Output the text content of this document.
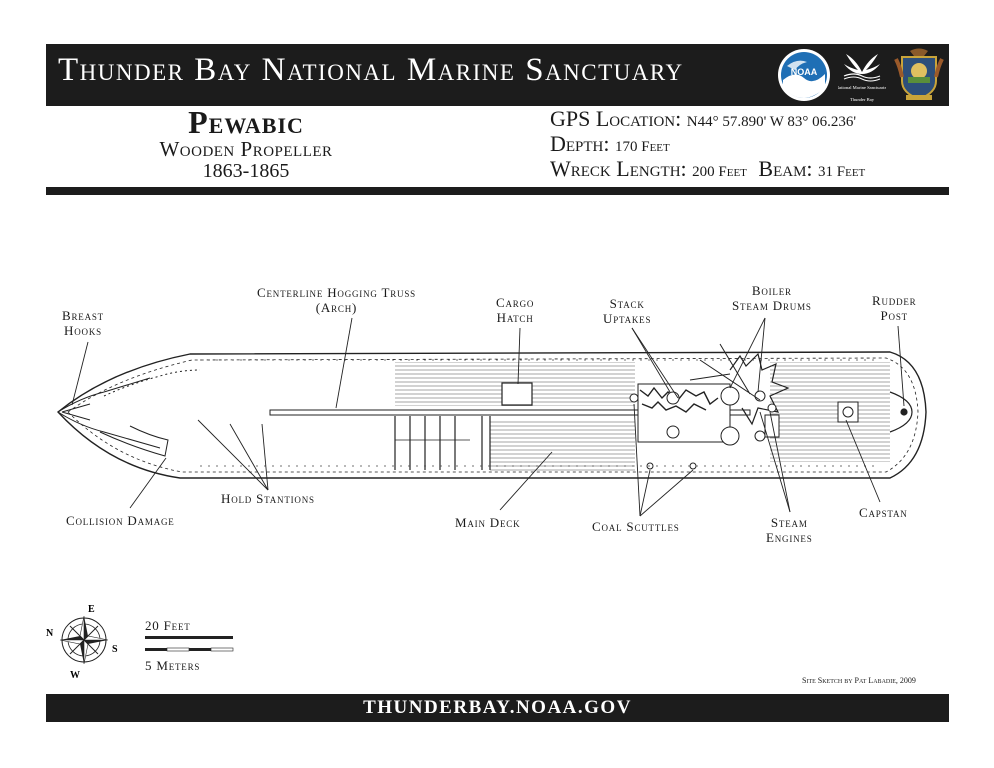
Thunder Bay National Marine Sanctuary	NOAA
National Marine Sanctuaries
Thunder Bay
Pewabic
Wooden Propeller
1863-1865
GPS Location: N44° 57.890' W 83° 06.236'
Depth: 170 Feet
Wreck Length: 200 Feet Beam: 31 Feet
N
E
S
W
Breast
Hooks
Centerline Hogging Truss
(Arch)	Cargo
Hatch
Stack
Uptakes
Boiler
Steam Drums	Rudder
Post
Collision Damage
Hold Stantions
Main Deck	Coal Scuttles	Steam
Engines
Capstan
20 Feet
5 Meters
Site Sketch by Pat Labadie, 2009
THUNDERBAY.NOAA.GOV
